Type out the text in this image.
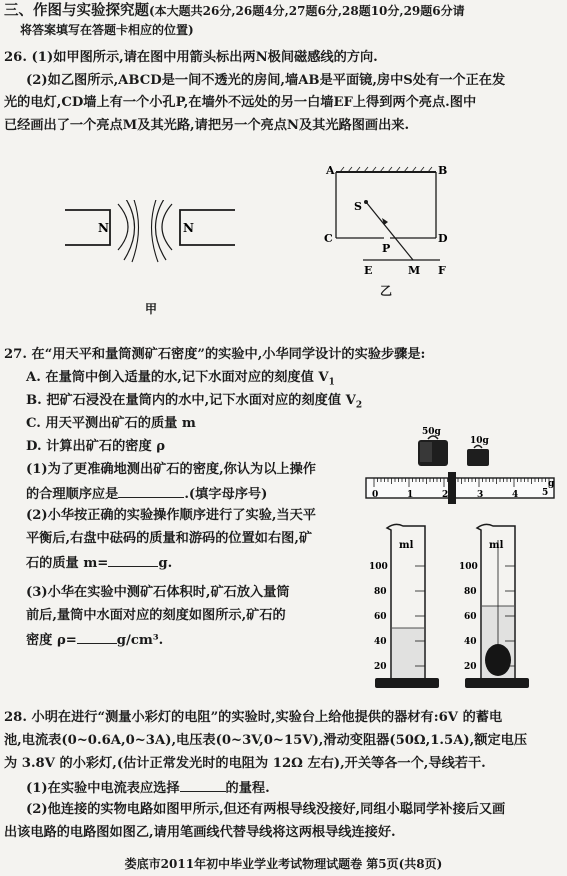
三、作图与实验探究题(本大题共26分,26题4分,27题6分,28题10分,29题6分请
将答案填写在答题卡相应的位置)
26. (1)如甲图所示,请在图中用箭头标出两N极间磁感线的方向.
(2)如乙图所示,ABCD是一间不透光的房间,墙AB是平面镜,房中S处有一个正在发
光的电灯,CD墙上有一个小孔P,在墙外不远处的另一白墙EF上得到两个亮点.图中
已经画出了一个亮点M及其光路,请把另一个亮点N及其光路图画出来.
N	N
甲
A	B
C	D
S
P
E	M F
乙
27. 在“用天平和量筒测矿石密度”的实验中,小华同学设计的实验步骤是:
A. 在量筒中倒入适量的水,记下水面对应的刻度值 $V_1$
B. 把矿石浸没在量筒内的水中,记下水面对应的刻度值 $V_2$
C. 用天平测出矿石的质量 m
D. 计算出矿石的密度 ρ
(1)为了更准确地测出矿石的密度,你认为以上操作
的合理顺序应是	.(填字母序号)
(2)小华按正确的实验操作顺序进行了实验,当天平
平衡后,右盘中砝码的质量和游码的位置如右图,矿
石的质量 m=	g.
(3)小华在实验中测矿石体积时,矿石放入量筒
前后,量筒中水面对应的刻度如图所示,矿石的
密度 ρ=	g/cm³.
50g
10g
0	1	2	3	4	5
g
ml
100
80
60
40
20
ml
100
80
60
40
20
28. 小明在进行“测量小彩灯的电阻”的实验时,实验台上给他提供的器材有:6V 的蓄电
池,电流表(0~0.6A,0~3A),电压表(0~3V,0~15V),滑动变阻器(50Ω,1.5A),额定电压
为 3.8V 的小彩灯,(估计正常发光时的电阻为 12Ω 左右),开关等各一个,导线若干.
(1)在实验中电流表应选择	的量程.
(2)他连接的实物电路如图甲所示,但还有两根导线没接好,同组小聪同学补接后又画
出该电路的电路图如图乙,请用笔画线代替导线将这两根导线连接好.
娄底市2011年初中毕业学业考试物理试题卷 第5页(共8页)
